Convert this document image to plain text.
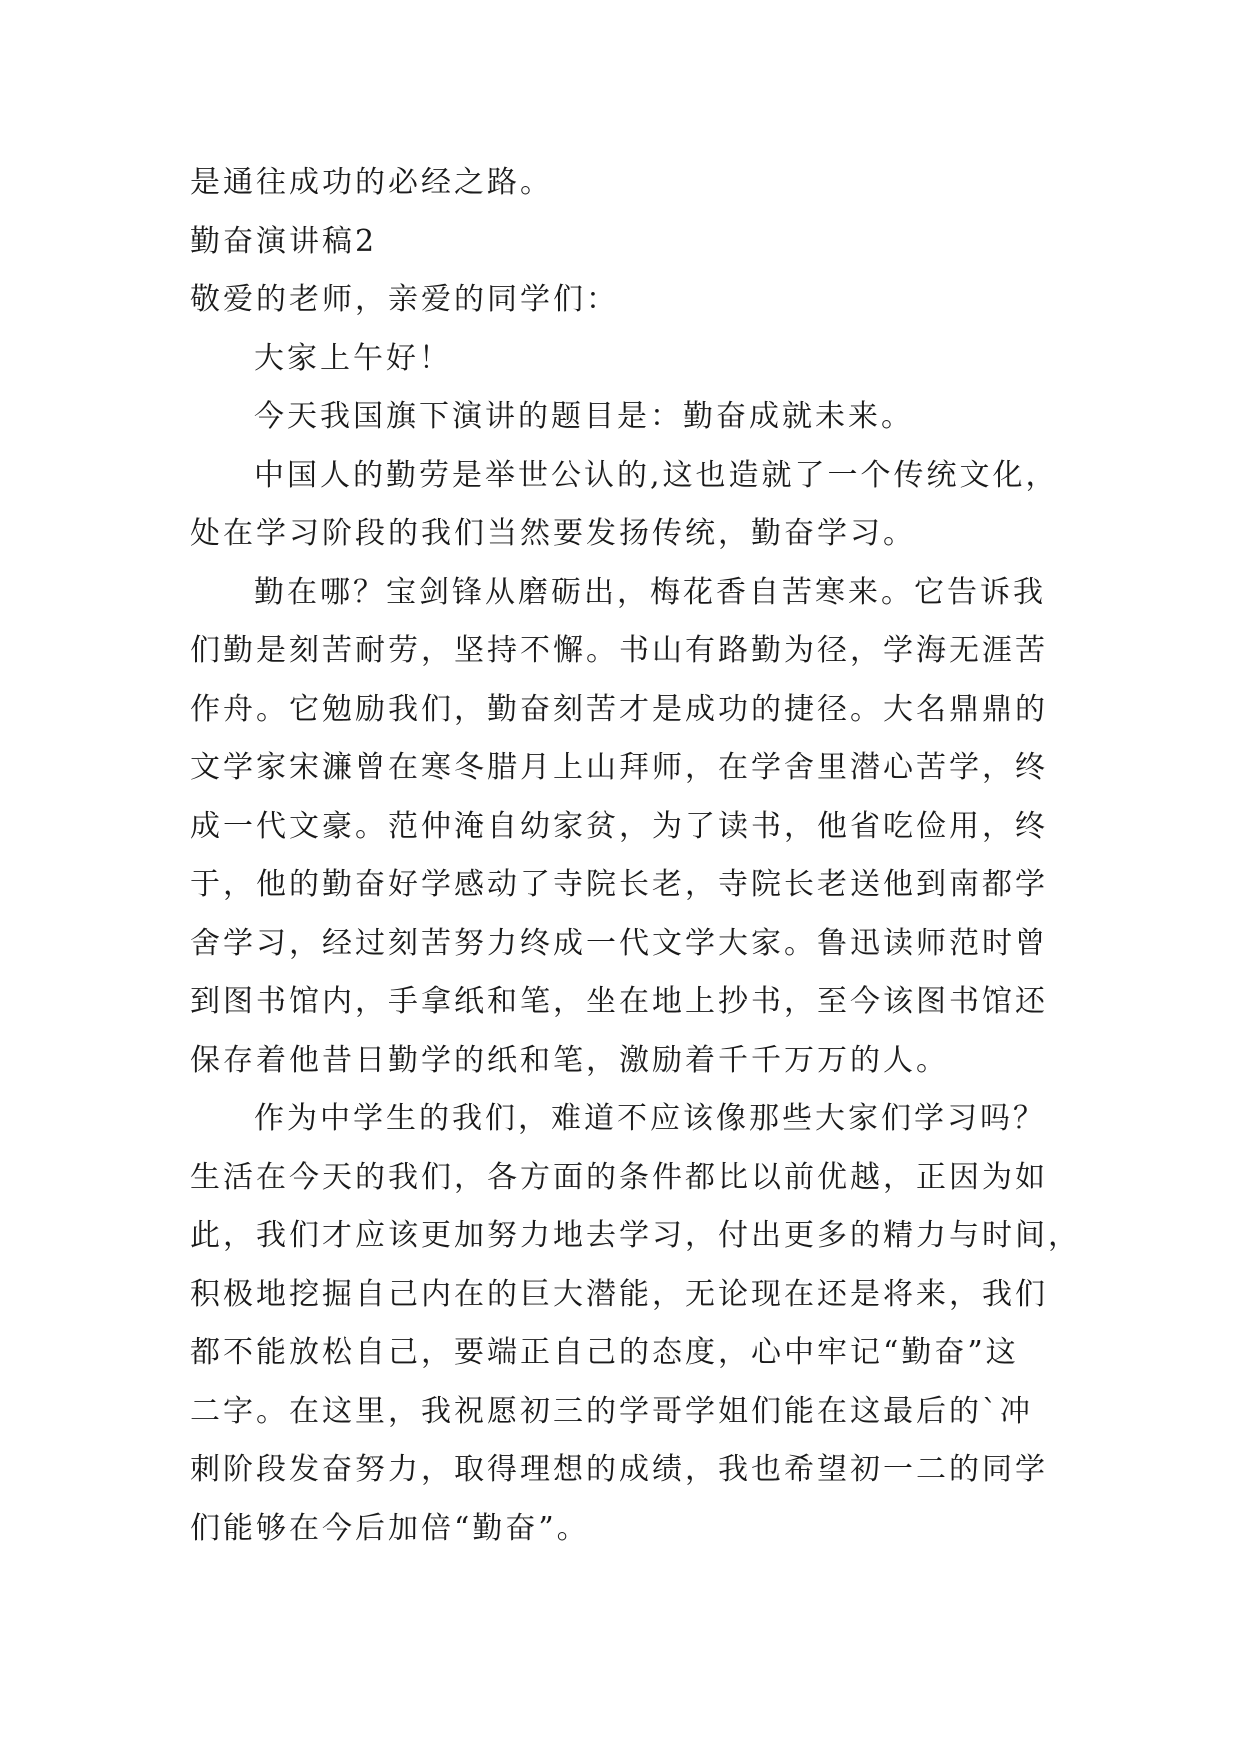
是通往成功的必经之路。
勤奋演讲稿2
敬爱的老师，亲爱的同学们：
大家上午好！
今天我国旗下演讲的题目是：勤奋成就未来。
中国人的勤劳是举世公认的,这也造就了一个传统文化，
处在学习阶段的我们当然要发扬传统，勤奋学习。
勤在哪？宝剑锋从磨砺出，梅花香自苦寒来。它告诉我
们勤是刻苦耐劳，坚持不懈。书山有路勤为径，学海无涯苦
作舟。它勉励我们，勤奋刻苦才是成功的捷径。大名鼎鼎的
文学家宋濂曾在寒冬腊月上山拜师，在学舍里潜心苦学，终
成一代文豪。范仲淹自幼家贫，为了读书，他省吃俭用，终
于，他的勤奋好学感动了寺院长老，寺院长老送他到南都学
舍学习，经过刻苦努力终成一代文学大家。鲁迅读师范时曾
到图书馆内，手拿纸和笔，坐在地上抄书，至今该图书馆还
保存着他昔日勤学的纸和笔，激励着千千万万的人。
作为中学生的我们，难道不应该像那些大家们学习吗？
生活在今天的我们，各方面的条件都比以前优越，正因为如
此，我们才应该更加努力地去学习，付出更多的精力与时间，
积极地挖掘自己内在的巨大潜能，无论现在还是将来，我们
都不能放松自己，要端正自己的态度，心中牢记“勤奋”这
二字。在这里，我祝愿初三的学哥学姐们能在这最后的`冲
刺阶段发奋努力，取得理想的成绩，我也希望初一二的同学
们能够在今后加倍“勤奋”。
